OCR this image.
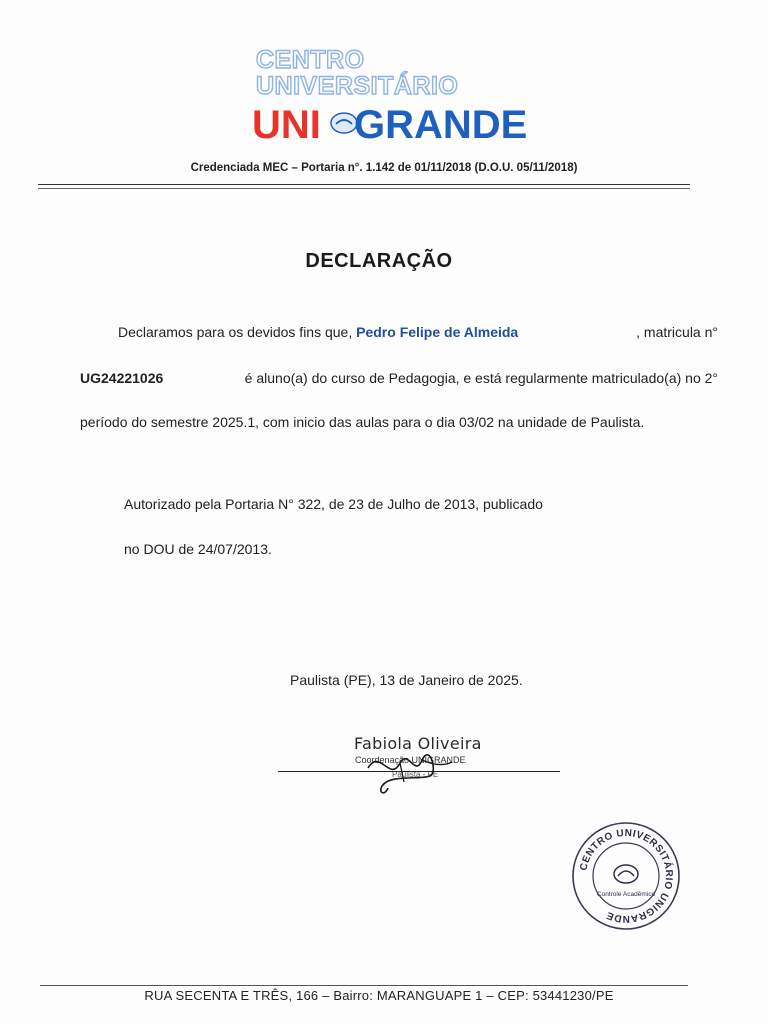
CENTRO
UNIVERSITÁRIO
UNI GRANDE
Credenciada MEC – Portaria n°. 1.142 de 01/11/2018 (D.O.U. 05/11/2018)
DECLARAÇÃO
Declaramos para os devidos fins que, Pedro Felipe de Almeida	, matricula n°
UG24221026	é aluno(a) do curso de Pedagogia, e está regularmente matriculado(a) no 2°
período do semestre 2025.1, com inicio das aulas para o dia 03/02 na unidade de Paulista.
Autorizado pela Portaria N° 322, de 23 de Julho de 2013, publicado
no DOU de 24/07/2013.
Paulista (PE), 13 de Janeiro de 2025.
Fabiola Oliveira
Coordenação UNIGRANDE
Paulista - PE
CENTRO UNIVERSITÁRIO UNIGRANDE
Controle Acadêmico
RUA SECENTA E TRÊS, 166 – Bairro: MARANGUAPE 1 – CEP: 53441230/PE
